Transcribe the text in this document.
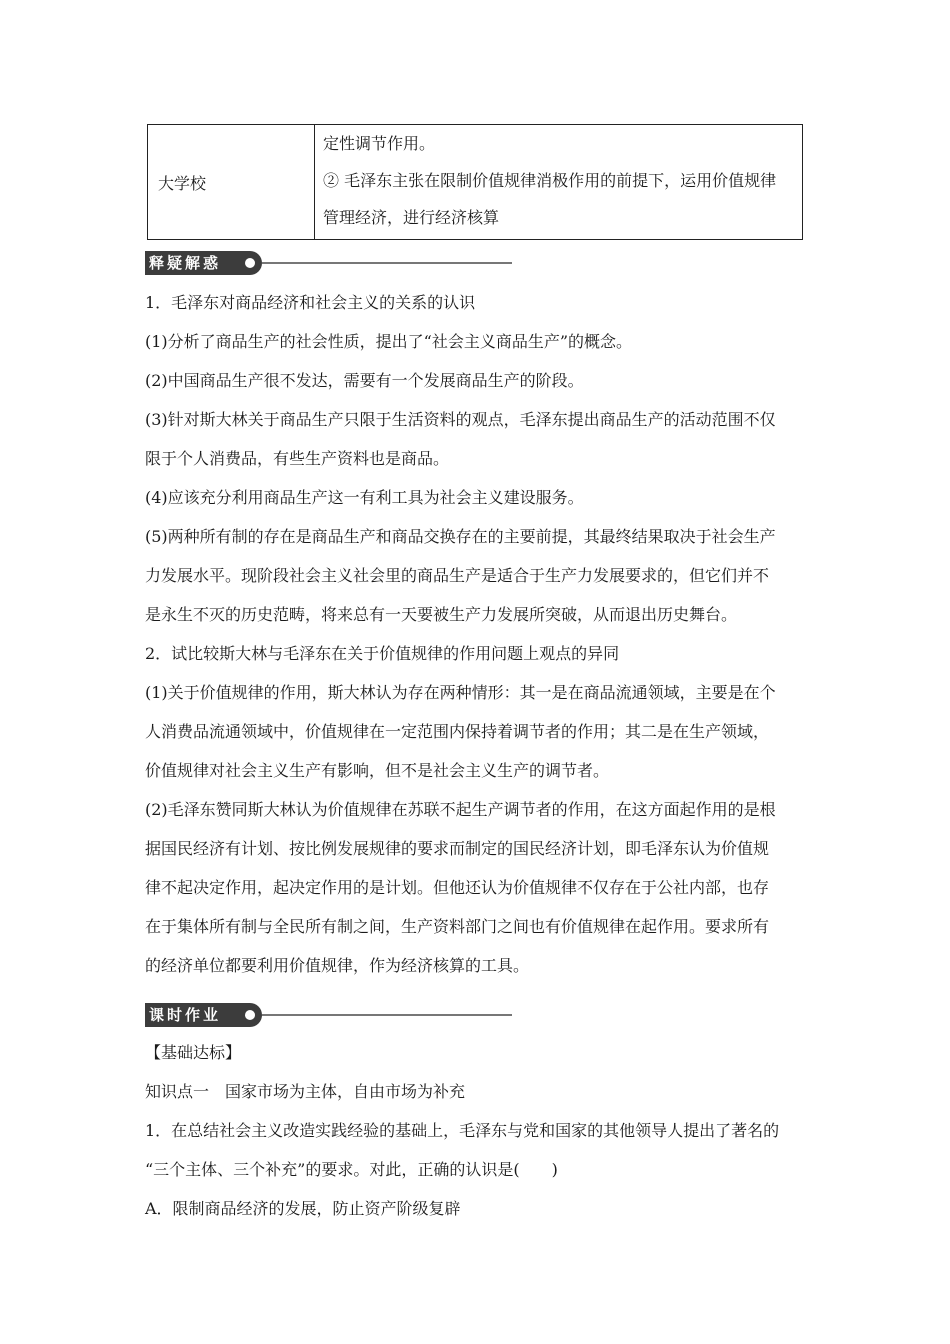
大学校	

定性调节作用。

② 毛泽东主张在限制价值规律消极作用的前提下，运用价值规律

管理经济，进行经济核算

释疑解惑

1．毛泽东对商品经济和社会主义的关系的认识

(1)分析了商品生产的社会性质，提出了“社会主义商品生产”的概念。

(2)中国商品生产很不发达，需要有一个发展商品生产的阶段。

(3)针对斯大林关于商品生产只限于生活资料的观点，毛泽东提出商品生产的活动范围不仅

限于个人消费品，有些生产资料也是商品。

(4)应该充分利用商品生产这一有利工具为社会主义建设服务。

(5)两种所有制的存在是商品生产和商品交换存在的主要前提，其最终结果取决于社会生产

力发展水平。现阶段社会主义社会里的商品生产是适合于生产力发展要求的，但它们并不

是永生不灭的历史范畴，将来总有一天要被生产力发展所突破，从而退出历史舞台。

2．试比较斯大林与毛泽东在关于价值规律的作用问题上观点的异同

(1)关于价值规律的作用，斯大林认为存在两种情形：其一是在商品流通领域，主要是在个

人消费品流通领域中，价值规律在一定范围内保持着调节者的作用；其二是在生产领域，

价值规律对社会主义生产有影响，但不是社会主义生产的调节者。

(2)毛泽东赞同斯大林认为价值规律在苏联不起生产调节者的作用，在这方面起作用的是根

据国民经济有计划、按比例发展规律的要求而制定的国民经济计划，即毛泽东认为价值规

律不起决定作用，起决定作用的是计划。但他还认为价值规律不仅存在于公社内部，也存

在于集体所有制与全民所有制之间，生产资料部门之间也有价值规律在起作用。要求所有

的经济单位都要利用价值规律，作为经济核算的工具。

课时作业

【基础达标】

知识点一　国家市场为主体，自由市场为补充

1．在总结社会主义改造实践经验的基础上，毛泽东与党和国家的其他领导人提出了著名的

“三个主体、三个补充”的要求。对此，正确的认识是(　　)

A．限制商品经济的发展，防止资产阶级复辟
